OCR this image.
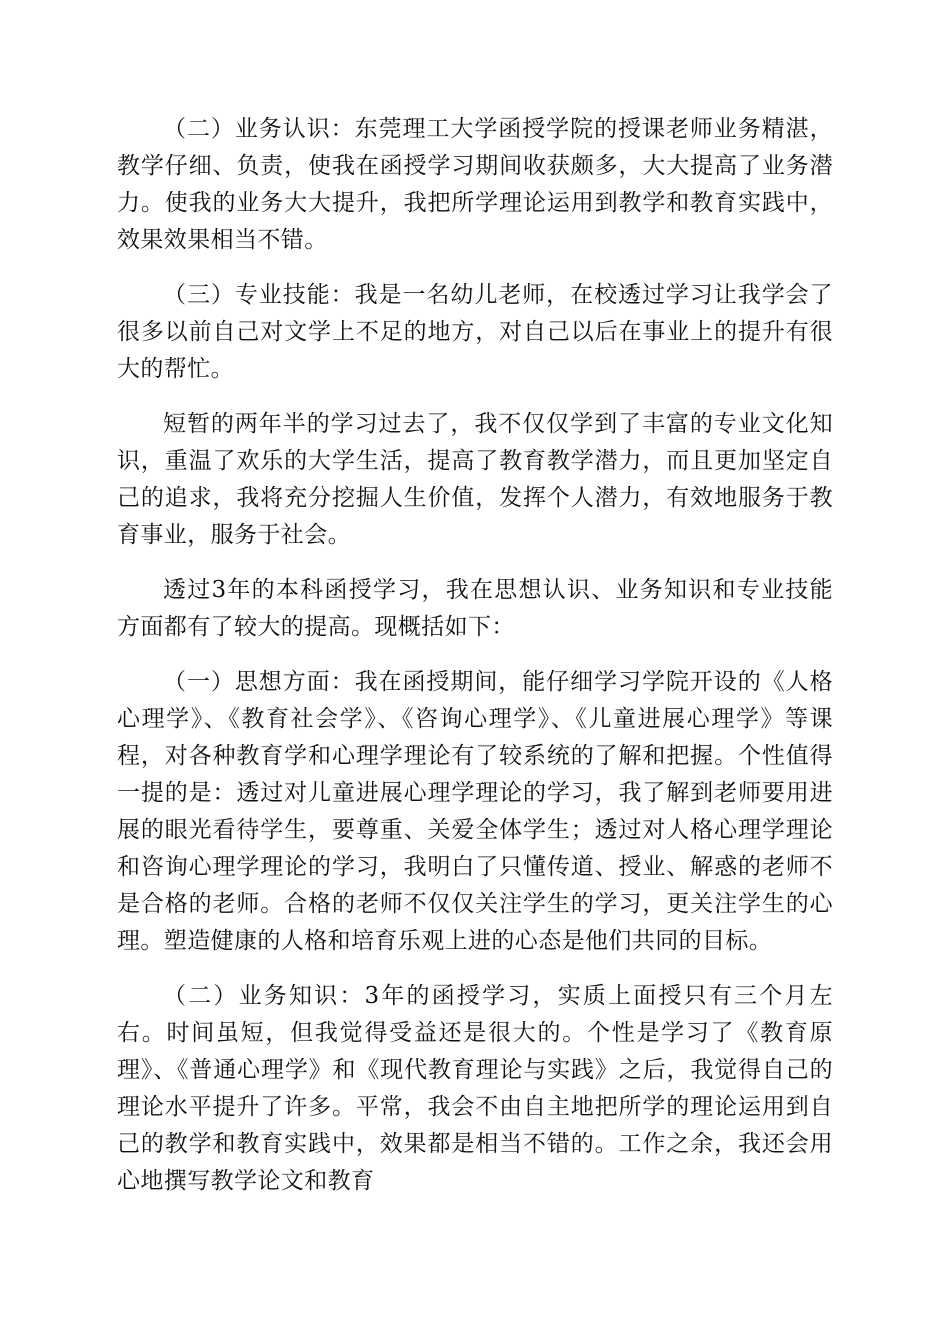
（二）业务认识：东莞理工大学函授学院的授课老师业务精湛，教学仔细、负责，使我在函授学习期间收获颇多，大大提高了业务潜力。使我的业务大大提升，我把所学理论运用到教学和教育实践中，效果效果相当不错。

（三）专业技能：我是一名幼儿老师，在校透过学习让我学会了很多以前自己对文学上不足的地方，对自己以后在事业上的提升有很大的帮忙。

短暂的两年半的学习过去了，我不仅仅学到了丰富的专业文化知识，重温了欢乐的大学生活，提高了教育教学潜力，而且更加坚定自己的追求，我将充分挖掘人生价值，发挥个人潜力，有效地服务于教育事业，服务于社会。

透过3年的本科函授学习，我在思想认识、业务知识和专业技能方面都有了较大的提高。现概括如下：

（一）思想方面：我在函授期间，能仔细学习学院开设的《人格心理学》、《教育社会学》、《咨询心理学》、《儿童进展心理学》等课程，对各种教育学和心理学理论有了较系统的了解和把握。个性值得一提的是：透过对儿童进展心理学理论的学习，我了解到老师要用进展的眼光看待学生，要尊重、关爱全体学生；透过对人格心理学理论和咨询心理学理论的学习，我明白了只懂传道、授业、解惑的老师不是合格的老师。合格的老师不仅仅关注学生的学习，更关注学生的心理。塑造健康的人格和培育乐观上进的心态是他们共同的目标。

（二）业务知识：3年的函授学习，实质上面授只有三个月左右。时间虽短，但我觉得受益还是很大的。个性是学习了《教育原理》、《普通心理学》和《现代教育理论与实践》之后，我觉得自己的理论水平提升了许多。平常，我会不由自主地把所学的理论运用到自己的教学和教育实践中，效果都是相当不错的。工作之余，我还会用心地撰写教学论文和教育
